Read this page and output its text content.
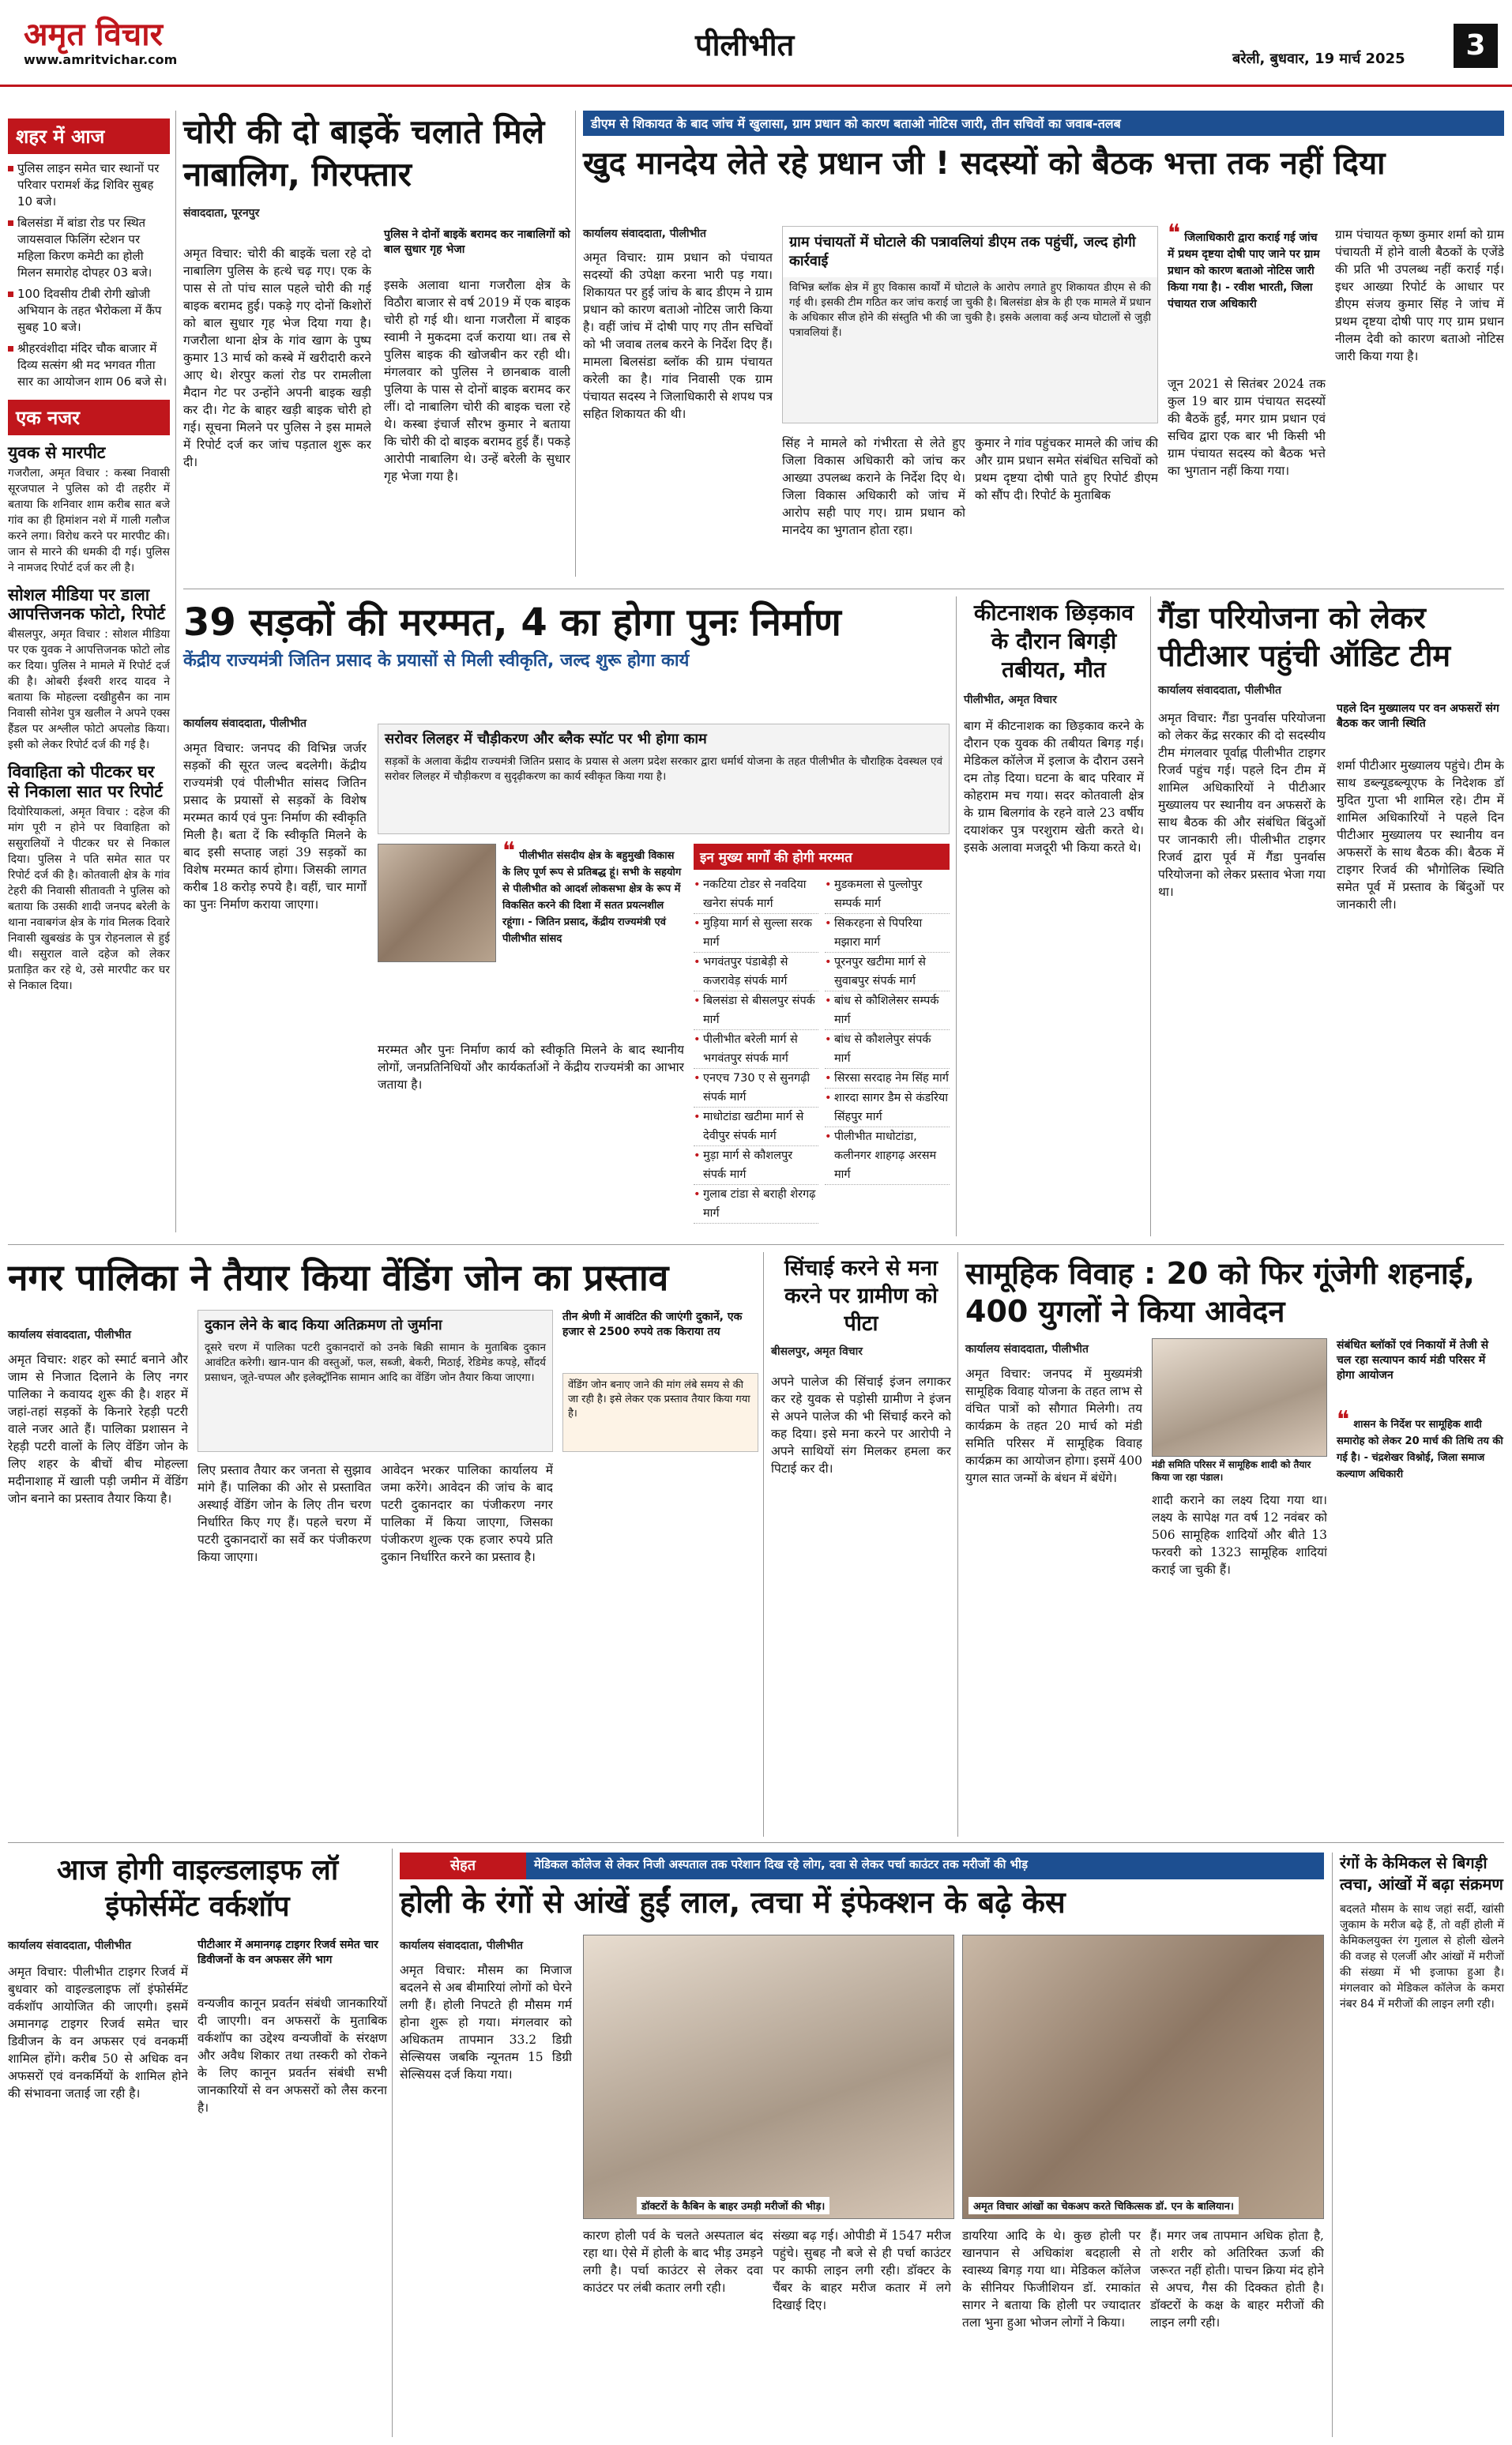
अमृत विचार
www.amritvichar.com	पीलीभीत	बरेली, बुधवार, 19 मार्च 2025	3
शहर में आज
पुलिस लाइन समेत चार स्थानों पर परिवार परामर्श केंद्र शिविर सुबह 10 बजे।
बिलसंडा में बांडा रोड पर स्थित जायसवाल फिलिंग स्टेशन पर महिला किरण कमेटी का होली मिलन समारोह दोपहर 03 बजे।
100 दिवसीय टीबी रोगी खोजी अभियान के तहत भैरोकला में कैंप सुबह 10 बजे।
श्रीहरवंशीदा मंदिर चौक बाजार में दिव्य सत्संग श्री मद भगवत गीता सार का आयोजन शाम 06 बजे से।
एक नजर
युवक से मारपीट
गजरौला, अमृत विचार : कस्बा निवासी सूरजपाल ने पुलिस को दी तहरीर में बताया कि शनिवार शाम करीब सात बजे गांव का ही हिमांशन नशे में गाली गलौज करने लगा। विरोध करने पर मारपीट की। जान से मारने की धमकी दी गई। पुलिस ने नामजद रिपोर्ट दर्ज कर ली है।
सोशल मीडिया पर डाला आपत्तिजनक फोटो, रिपोर्ट
बीसलपुर, अमृत विचार : सोशल मीडिया पर एक युवक ने आपत्तिजनक फोटो लोड कर दिया। पुलिस ने मामले में रिपोर्ट दर्ज की है। ओबरी ईश्वरी शरद यादव ने बताया कि मोहल्ला दखीहुसैन का नाम निवासी सोनेश पुत्र खलील ने अपने एक्स हैंडल पर अश्लील फोटो अपलोड किया। इसी को लेकर रिपोर्ट दर्ज की गई है।
विवाहिता को पीटकर घर से निकाला सात पर रिपोर्ट
दियोरियाकलां, अमृत विचार : दहेज की मांग पूरी न होने पर विवाहिता को ससुरालियों ने पीटकर घर से निकाल दिया। पुलिस ने पति समेत सात पर रिपोर्ट दर्ज की है। कोतवाली क्षेत्र के गांव टेहरी की निवासी सीतावती ने पुलिस को बताया कि उसकी शादी जनपद बरेली के थाना नवाबगंज क्षेत्र के गांव मिलक दिवारे निवासी खुबखंड के पुत्र रोहनलाल से हुई थी। ससुराल वाले दहेज को लेकर प्रताड़ित कर रहे थे, उसे मारपीट कर घर से निकाल दिया।
चोरी की दो बाइकें चलाते मिले नाबालिग, गिरफ्तार
संवाददाता, पूरनपुर
अमृत विचार: चोरी की बाइकें चला रहे दो नाबालिग पुलिस के हत्थे चढ़ गए। एक के पास से तो पांच साल पहले चोरी की गई बाइक बरामद हुई। पकड़े गए दोनों किशोरों को बाल सुधार गृह भेज दिया गया है। गजरौला थाना क्षेत्र के गांव खाग के पुष्प कुमार 13 मार्च को कस्बे में खरीदारी करने आए थे। शेरपुर कलां रोड पर रामलीला मैदान गेट पर उन्होंने अपनी बाइक खड़ी कर दी। गेट के बाहर खड़ी बाइक चोरी हो गई। सूचना मिलने पर पुलिस ने इस मामले में रिपोर्ट दर्ज कर जांच पड़ताल शुरू कर दी।
पुलिस ने दोनों बाइकें बरामद कर नाबालिगों को बाल सुधार गृह भेजा
इसके अलावा थाना गजरौला क्षेत्र के विठौरा बाजार से वर्ष 2019 में एक बाइक चोरी हो गई थी। थाना गजरौला में बाइक स्वामी ने मुकदमा दर्ज कराया था। तब से पुलिस बाइक की खोजबीन कर रही थी। मंगलवार को पुलिस ने छानबाक वाली पुलिया के पास से दोनों बाइक बरामद कर लीं। दो नाबालिग चोरी की बाइक चला रहे थे। कस्बा इंचार्ज सौरभ कुमार ने बताया कि चोरी की दो बाइक बरामद हुई हैं। पकड़े आरोपी नाबालिग थे। उन्हें बरेली के सुधार गृह भेजा गया है।
डीएम से शिकायत के बाद जांच में खुलासा, ग्राम प्रधान को कारण बताओ नोटिस जारी, तीन सचिवों का जवाब-तलब
खुद मानदेय लेते रहे प्रधान जी ! सदस्यों को बैठक भत्ता तक नहीं दिया
कार्यालय संवाददाता, पीलीभीत
अमृत विचार: ग्राम प्रधान को पंचायत सदस्यों की उपेक्षा करना भारी पड़ गया। शिकायत पर हुई जांच के बाद डीएम ने ग्राम प्रधान को कारण बताओ नोटिस जारी किया है। वहीं जांच में दोषी पाए गए तीन सचिवों को भी जवाब तलब करने के निर्देश दिए हैं। मामला बिलसंडा ब्लॉक की ग्राम पंचायत करेली का है। गांव निवासी एक ग्राम पंचायत सदस्य ने जिलाधिकारी से शपथ पत्र सहित शिकायत की थी।
ग्राम पंचायतों में घोटाले की पत्रावलियां डीएम तक पहुंचीं, जल्द होगी कार्रवाई
विभिन्न ब्लॉक क्षेत्र में हुए विकास कार्यों में घोटाले के आरोप लगाते हुए शिकायत डीएम से की गई थी। इसकी टीम गठित कर जांच कराई जा चुकी है। बिलसंडा क्षेत्र के ही एक मामले में प्रधान के अधिकार सीज होने की संस्तुति भी की जा चुकी है। इसके अलावा कई अन्य घोटालों से जुड़ी पत्रावलियां हैं।
सिंह ने मामले को गंभीरता से लेते हुए जिला विकास अधिकारी को जांच कर आख्या उपलब्ध कराने के निर्देश दिए थे। जिला विकास अधिकारी को जांच में आरोप सही पाए गए। ग्राम प्रधान को मानदेय का भुगतान होता रहा।
कुमार ने गांव पहुंचकर मामले की जांच की और ग्राम प्रधान समेत संबंधित सचिवों को प्रथम दृष्टया दोषी पाते हुए रिपोर्ट डीएम को सौंप दी। रिपोर्ट के मुताबिक
❝ जिलाधिकारी द्वारा कराई गई जांच में प्रथम दृष्टया दोषी पाए जाने पर ग्राम प्रधान को कारण बताओ नोटिस जारी किया गया है। - रवीश भारती, जिला पंचायत राज अधिकारी
जून 2021 से सितंबर 2024 तक कुल 19 बार ग्राम पंचायत सदस्यों की बैठकें हुईं, मगर ग्राम प्रधान एवं सचिव द्वारा एक बार भी किसी भी ग्राम पंचायत सदस्य को बैठक भत्ते का भुगतान नहीं किया गया।
ग्राम पंचायत कृष्ण कुमार शर्मा को ग्राम पंचायती में होने वाली बैठकों के एजेंडे की प्रति भी उपलब्ध नहीं कराई गई। इधर आख्या रिपोर्ट के आधार पर डीएम संजय कुमार सिंह ने जांच में प्रथम दृष्टया दोषी पाए गए ग्राम प्रधान नीलम देवी को कारण बताओ नोटिस जारी किया गया है।
39 सड़कों की मरम्मत, 4 का होगा पुनः निर्माण
केंद्रीय राज्यमंत्री जितिन प्रसाद के प्रयासों से मिली स्वीकृति, जल्द शुरू होगा कार्य
कार्यालय संवाददाता, पीलीभीत
अमृत विचार: जनपद की विभिन्न जर्जर सड़कों की सूरत जल्द बदलेगी। केंद्रीय राज्यमंत्री एवं पीलीभीत सांसद जितिन प्रसाद के प्रयासों से सड़कों के विशेष मरम्मत कार्य एवं पुनः निर्माण की स्वीकृति मिली है। बता दें कि स्वीकृति मिलने के बाद इसी सप्ताह जहां 39 सड़कों का विशेष मरम्मत कार्य होगा। जिसकी लागत करीब 18 करोड़ रुपये है। वहीं, चार मार्गों का पुनः निर्माण कराया जाएगा।
सरोवर लिलहर में चौड़ीकरण और ब्लैक स्पॉट पर भी होगा काम
सड़कों के अलावा केंद्रीय राज्यमंत्री जितिन प्रसाद के प्रयास से अलग प्रदेश सरकार द्वारा धर्मार्थ योजना के तहत पीलीभीत के चौराहिक देवस्थल एवं सरोवर लिलहर में चौड़ीकरण व सुदृढ़ीकरण का कार्य स्वीकृत किया गया है।
❝ पीलीभीत संसदीय क्षेत्र के बहुमुखी विकास के लिए पूर्ण रूप से प्रतिबद्ध हूं। सभी के सहयोग से पीलीभीत को आदर्श लोकसभा क्षेत्र के रूप में विकसित करने की दिशा में सतत प्रयत्नशील रहूंगा। - जितिन प्रसाद, केंद्रीय राज्यमंत्री एवं पीलीभीत सांसद
मरम्मत और पुनः निर्माण कार्य को स्वीकृति मिलने के बाद स्थानीय लोगों, जनप्रतिनिधियों और कार्यकर्ताओं ने केंद्रीय राज्यमंत्री का आभार जताया है।
इन मुख्य मार्गों की होगी मरम्मत
• नकटिया टोडर से नवदिया खनेरा संपर्क मार्ग
• मुड़िया मार्ग से सुल्ला सरक मार्ग
• भगवंतपुर पंडाबेड़ी से कजरावेड़ संपर्क मार्ग
• बिलसंडा से बीसलपुर संपर्क मार्ग
• पीलीभीत बरेली मार्ग से भगवंतपुर संपर्क मार्ग
• एनएच 730 ए से सुनगढ़ी संपर्क मार्ग
• माधोटांडा खटीमा मार्ग से देवीपुर संपर्क मार्ग
• मुड़ा मार्ग से कौशलपुर संपर्क मार्ग
• गुलाब टांडा से बराही शेरगढ़ मार्ग
• मुडकमला से पुल्लोपुर सम्पर्क मार्ग
• सिकरहना से पिपरिया मझारा मार्ग
• पूरनपुर खटीमा मार्ग से सुवाबपुर संपर्क मार्ग
• बांध से कौशिलेसर सम्पर्क मार्ग
• बांध से कौशलेपुर संपर्क मार्ग
• सिरसा सरदाह नेम सिंह मार्ग
• शारदा सागर डैम से कंडरिया सिंहपुर मार्ग
• पीलीभीत माधोटांडा, कलीनगर शाहगढ़ अरसम मार्ग
कीटनाशक छिड़काव के दौरान बिगड़ी तबीयत, मौत
पीलीभीत, अमृत विचार
बाग में कीटनाशक का छिड़काव करने के दौरान एक युवक की तबीयत बिगड़ गई। मेडिकल कॉलेज में इलाज के दौरान उसने दम तोड़ दिया। घटना के बाद परिवार में कोहराम मच गया। सदर कोतवाली क्षेत्र के ग्राम बिलगांव के रहने वाले 23 वर्षीय दयाशंकर पुत्र परशुराम खेती करते थे। इसके अलावा मजदूरी भी किया करते थे।
गैंडा परियोजना को लेकर पीटीआर पहुंची ऑडिट टीम
कार्यालय संवाददाता, पीलीभीत
अमृत विचार: गैंडा पुनर्वास परियोजना को लेकर केंद्र सरकार की दो सदस्यीय टीम मंगलवार पूर्वाह्न पीलीभीत टाइगर रिजर्व पहुंच गई। पहले दिन टीम में शामिल अधिकारियों ने पीटीआर मुख्यालय पर स्थानीय वन अफसरों के साथ बैठक की और संबंधित बिंदुओं पर जानकारी ली। पीलीभीत टाइगर रिजर्व द्वारा पूर्व में गैंडा पुनर्वास परियोजना को लेकर प्रस्ताव भेजा गया था।
पहले दिन मुख्यालय पर वन अफसरों संग बैठक कर जानी स्थिति
शर्मा पीटीआर मुख्यालय पहुंचे। टीम के साथ डब्ल्यूडब्ल्यूएफ के निदेशक डॉ मुदित गुप्ता भी शामिल रहे। टीम में शामिल अधिकारियों ने पहले दिन पीटीआर मुख्यालय पर स्थानीय वन अफसरों के साथ बैठक की। बैठक में टाइगर रिजर्व की भौगोलिक स्थिति समेत पूर्व में प्रस्ताव के बिंदुओं पर जानकारी ली।
नगर पालिका ने तैयार किया वेंडिंग जोन का प्रस्ताव
कार्यालय संवाददाता, पीलीभीत
अमृत विचार: शहर को स्मार्ट बनाने और जाम से निजात दिलाने के लिए नगर पालिका ने कवायद शुरू की है। शहर में जहां-तहां सड़कों के किनारे रेहड़ी पटरी वाले नजर आते हैं। पालिका प्रशासन ने रेहड़ी पटरी वालों के लिए वेंडिंग जोन के लिए शहर के बीचों बीच मोहल्ला मदीनाशाह में खाली पड़ी जमीन में वेंडिंग जोन बनाने का प्रस्ताव तैयार किया है।
दुकान लेने के बाद किया अतिक्रमण तो जुर्माना
दूसरे चरण में पालिका पटरी दुकानदारों को उनके बिक्री सामान के मुताबिक दुकान आवंटित करेगी। खान-पान की वस्तुओं, फल, सब्जी, बेकरी, मिठाई, रेडिमेड कपड़े, सौंदर्य प्रसाधन, जूते-चप्पल और इलेक्ट्रॉनिक सामान आदि का वेंडिंग जोन तैयार किया जाएगा।
तीन श्रेणी में आवंटित की जाएंगी दुकानें, एक हजार से 2500 रुपये तक किराया तय
वेंडिंग जोन बनाए जाने की मांग लंबे समय से की जा रही है। इसे लेकर एक प्रस्ताव तैयार किया गया है।
लिए प्रस्ताव तैयार कर जनता से सुझाव मांगे हैं। पालिका की ओर से प्रस्तावित अस्थाई वेंडिंग जोन के लिए तीन चरण निर्धारित किए गए हैं। पहले चरण में पटरी दुकानदारों का सर्वे कर पंजीकरण किया जाएगा।
आवेदन भरकर पालिका कार्यालय में जमा करेंगे। आवेदन की जांच के बाद पटरी दुकानदार का पंजीकरण नगर पालिका में किया जाएगा, जिसका पंजीकरण शुल्क एक हजार रुपये प्रति दुकान निर्धारित करने का प्रस्ताव है।
सिंचाई करने से मना करने पर ग्रामीण को पीटा
बीसलपुर, अमृत विचार
अपने पालेज की सिंचाई इंजन लगाकर कर रहे युवक से पड़ोसी ग्रामीण ने इंजन से अपने पालेज की भी सिंचाई करने को कह दिया। इसे मना करने पर आरोपी ने अपने साथियों संग मिलकर हमला कर पिटाई कर दी।
सामूहिक विवाह : 20 को फिर गूंजेगी शहनाई, 400 युगलों ने किया आवेदन
कार्यालय संवाददाता, पीलीभीत
मंडी समिति परिसर में सामूहिक शादी को तैयार किया जा रहा पंडाल।
संबंधित ब्लॉकों एवं निकायों में तेजी से चल रहा सत्यापन कार्य मंडी परिसर में होगा आयोजन
❝ शासन के निर्देश पर सामूहिक शादी समारोह को लेकर 20 मार्च की तिथि तय की गई है। - चंद्रशेखर विश्नोई, जिला समाज कल्याण अधिकारी
अमृत विचार: जनपद में मुख्यमंत्री सामूहिक विवाह योजना के तहत लाभ से वंचित पात्रों को सौगात मिलेगी। तय कार्यक्रम के तहत 20 मार्च को मंडी समिति परिसर में सामूहिक विवाह कार्यक्रम का आयोजन होगा। इसमें 400 युगल सात जन्मों के बंधन में बंधेंगे।
शादी कराने का लक्ष्य दिया गया था। लक्ष्य के सापेक्ष गत वर्ष 12 नवंबर को 506 सामूहिक शादियों और बीते 13 फरवरी को 1323 सामूहिक शादियां कराई जा चुकी हैं।
आज होगी वाइल्डलाइफ लॉ इंफोर्समेंट वर्कशॉप
कार्यालय संवाददाता, पीलीभीत
अमृत विचार: पीलीभीत टाइगर रिजर्व में बुधवार को वाइल्डलाइफ लॉ इंफोर्समेंट वर्कशॉप आयोजित की जाएगी। इसमें अमानगढ़ टाइगर रिजर्व समेत चार डिवीजन के वन अफसर एवं वनकर्मी शामिल होंगे। करीब 50 से अधिक वन अफसरों एवं वनकर्मियों के शामिल होने की संभावना जताई जा रही है।
पीटीआर में अमानगढ़ टाइगर रिजर्व समेत चार डिवीजनों के वन अफसर लेंगे भाग
वन्यजीव कानून प्रवर्तन संबंधी जानकारियों दी जाएगी। वन अफसरों के मुताबिक वर्कशॉप का उद्देश्य वन्यजीवों के संरक्षण और अवैध शिकार तथा तस्करी को रोकने के लिए कानून प्रवर्तन संबंधी सभी जानकारियों से वन अफसरों को लैस करना है।
सेहत	मेडिकल कॉलेज से लेकर निजी अस्पताल तक परेशान दिख रहे लोग, दवा से लेकर पर्चा काउंटर तक मरीजों की भीड़
होली के रंगों से आंखें हुईं लाल, त्वचा में इंफेक्शन के बढ़े केस
कार्यालय संवाददाता, पीलीभीत
अमृत विचार: मौसम का मिजाज बदलने से अब बीमारियां लोगों को घेरने लगी हैं। होली निपटते ही मौसम गर्म होना शुरू हो गया। मंगलवार को अधिकतम तापमान 33.2 डिग्री सेल्सियस जबकि न्यूनतम 15 डिग्री सेल्सियस दर्ज किया गया।
डॉक्टरों के कैबिन के बाहर उमड़ी मरीजों की भीड़।	अमृत विचार आंखों का चेकअप करते चिकित्सक डॉ. एन के बालियान।
कारण होली पर्व के चलते अस्पताल बंद रहा था। ऐसे में होली के बाद भीड़ उमड़ने लगी है। पर्चा काउंटर से लेकर दवा काउंटर पर लंबी कतार लगी रही।
संख्या बढ़ गई। ओपीडी में 1547 मरीज पहुंचे। सुबह नौ बजे से ही पर्चा काउंटर पर काफी लाइन लगी रही। डॉक्टर के चैंबर के बाहर मरीज कतार में लगे दिखाई दिए।
डायरिया आदि के थे। कुछ होली पर खानपान से अधिकांश बदहाली से स्वास्थ्य बिगड़ गया था। मेडिकल कॉलेज के सीनियर फिजीशियन डॉ. रमाकांत सागर ने बताया कि होली पर ज्यादातर तला भुना हुआ भोजन लोगों ने किया।
हैं। मगर जब तापमान अधिक होता है, तो शरीर को अतिरिक्त ऊर्जा की जरूरत नहीं होती। पाचन क्रिया मंद होने से अपच, गैस की दिक्कत होती है। डॉक्टरों के कक्ष के बाहर मरीजों की लाइन लगी रही।
रंगों के केमिकल से बिगड़ी त्वचा, आंखों में बढ़ा संक्रमण
बदलते मौसम के साथ जहां सर्दी, खांसी जुकाम के मरीज बढ़े हैं, तो वहीं होली में केमिकलयुक्त रंग गुलाल से होली खेलने की वजह से एलर्जी और आंखों में मरीजों की संख्या में भी इजाफा हुआ है। मंगलवार को मेडिकल कॉलेज के कमरा नंबर 84 में मरीजों की लाइन लगी रही।
